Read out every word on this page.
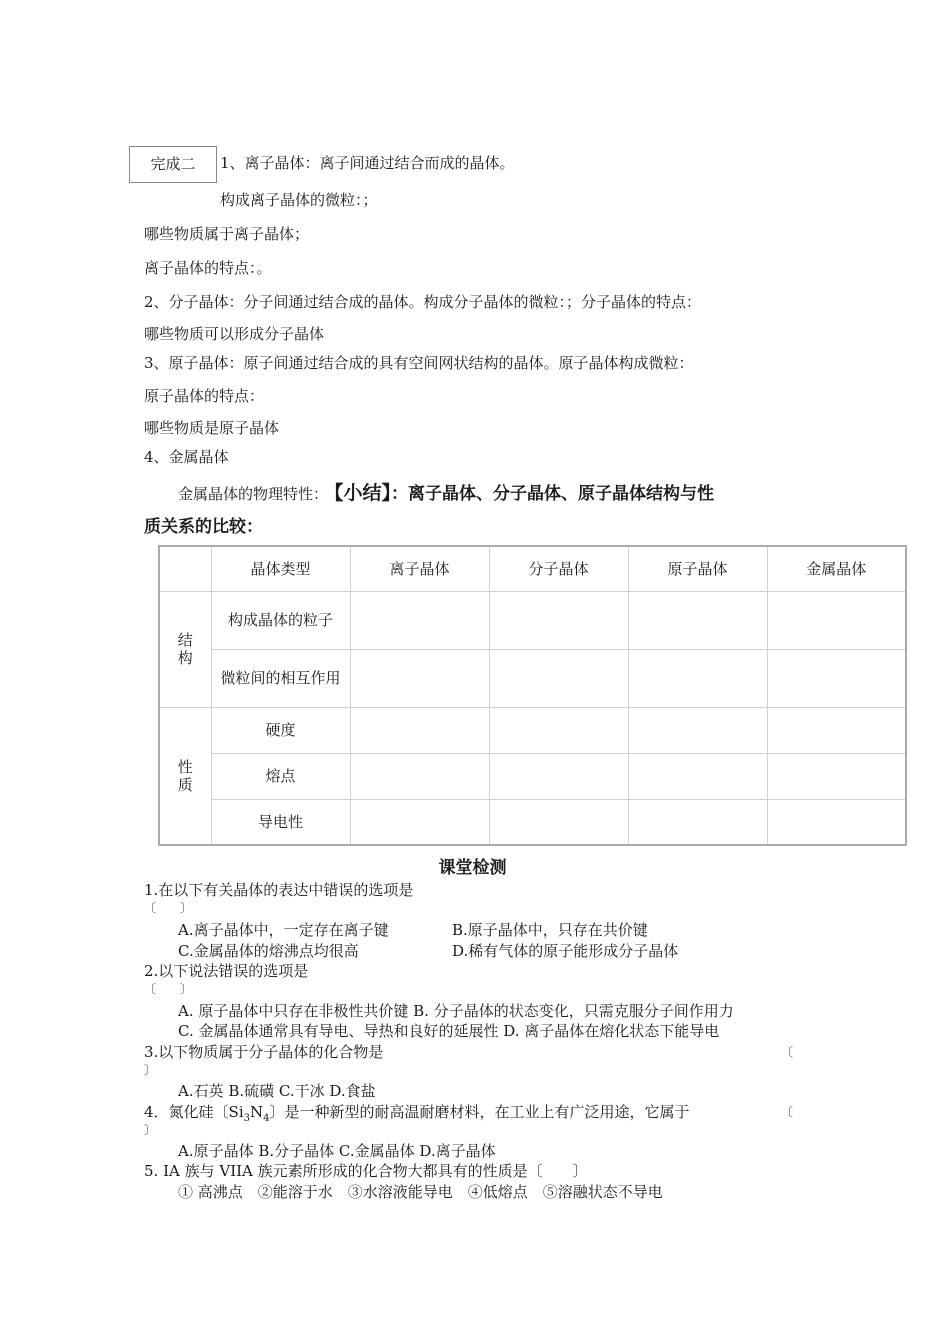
完成二	1、离子晶体：离子间通过结合而成的晶体。
构成离子晶体的微粒：；
哪些物质属于离子晶体；
离子晶体的特点：。
2、分子晶体：分子间通过结合成的晶体。构成分子晶体的微粒：；分子晶体的特点：
哪些物质可以形成分子晶体
3、原子晶体：原子间通过结合成的具有空间网状结构的晶体。原子晶体构成微粒：
原子晶体的特点：
哪些物质是原子晶体
4、金属晶体
金属晶体的物理特性： 【小结】：离子晶体、分子晶体、原子晶体结构与性
质关系的比较：
	晶体类型	离子晶体	分子晶体	原子晶体	金属晶体

结
构	构成晶体的粒子				
	微粒间的相互作用				

性
质	硬度				
	熔点				
	导电性				
课堂检测
1.在以下有关晶体的表达中错误的选项是
〔　　〕
A.离子晶体中，一定存在离子键	B.原子晶体中，只存在共价键
C.金属晶体的熔沸点均很高	D.稀有气体的原子能形成分子晶体
2.以下说法错误的选项是
〔　　〕
A. 原子晶体中只存在非极性共价键 B. 分子晶体的状态变化，只需克服分子间作用力
C. 金属晶体通常具有导电、导热和良好的延展性 D. 离子晶体在熔化状态下能导电
3.以下物质属于分子晶体的化合物是	〔
〕
A.石英 B.硫磺 C.干冰 D.食盐
4．氮化硅〔$Si_3N_4$〕是一种新型的耐高温耐磨材料，在工业上有广泛用途，它属于	〔
〕
A.原子晶体 B.分子晶体 C.金属晶体 D.离子晶体
5. IA 族与 VIIA 族元素所形成的化合物大都具有的性质是〔　　〕
① 高沸点　②能溶于水　③水溶液能导电　④低熔点　⑤溶融状态不导电
